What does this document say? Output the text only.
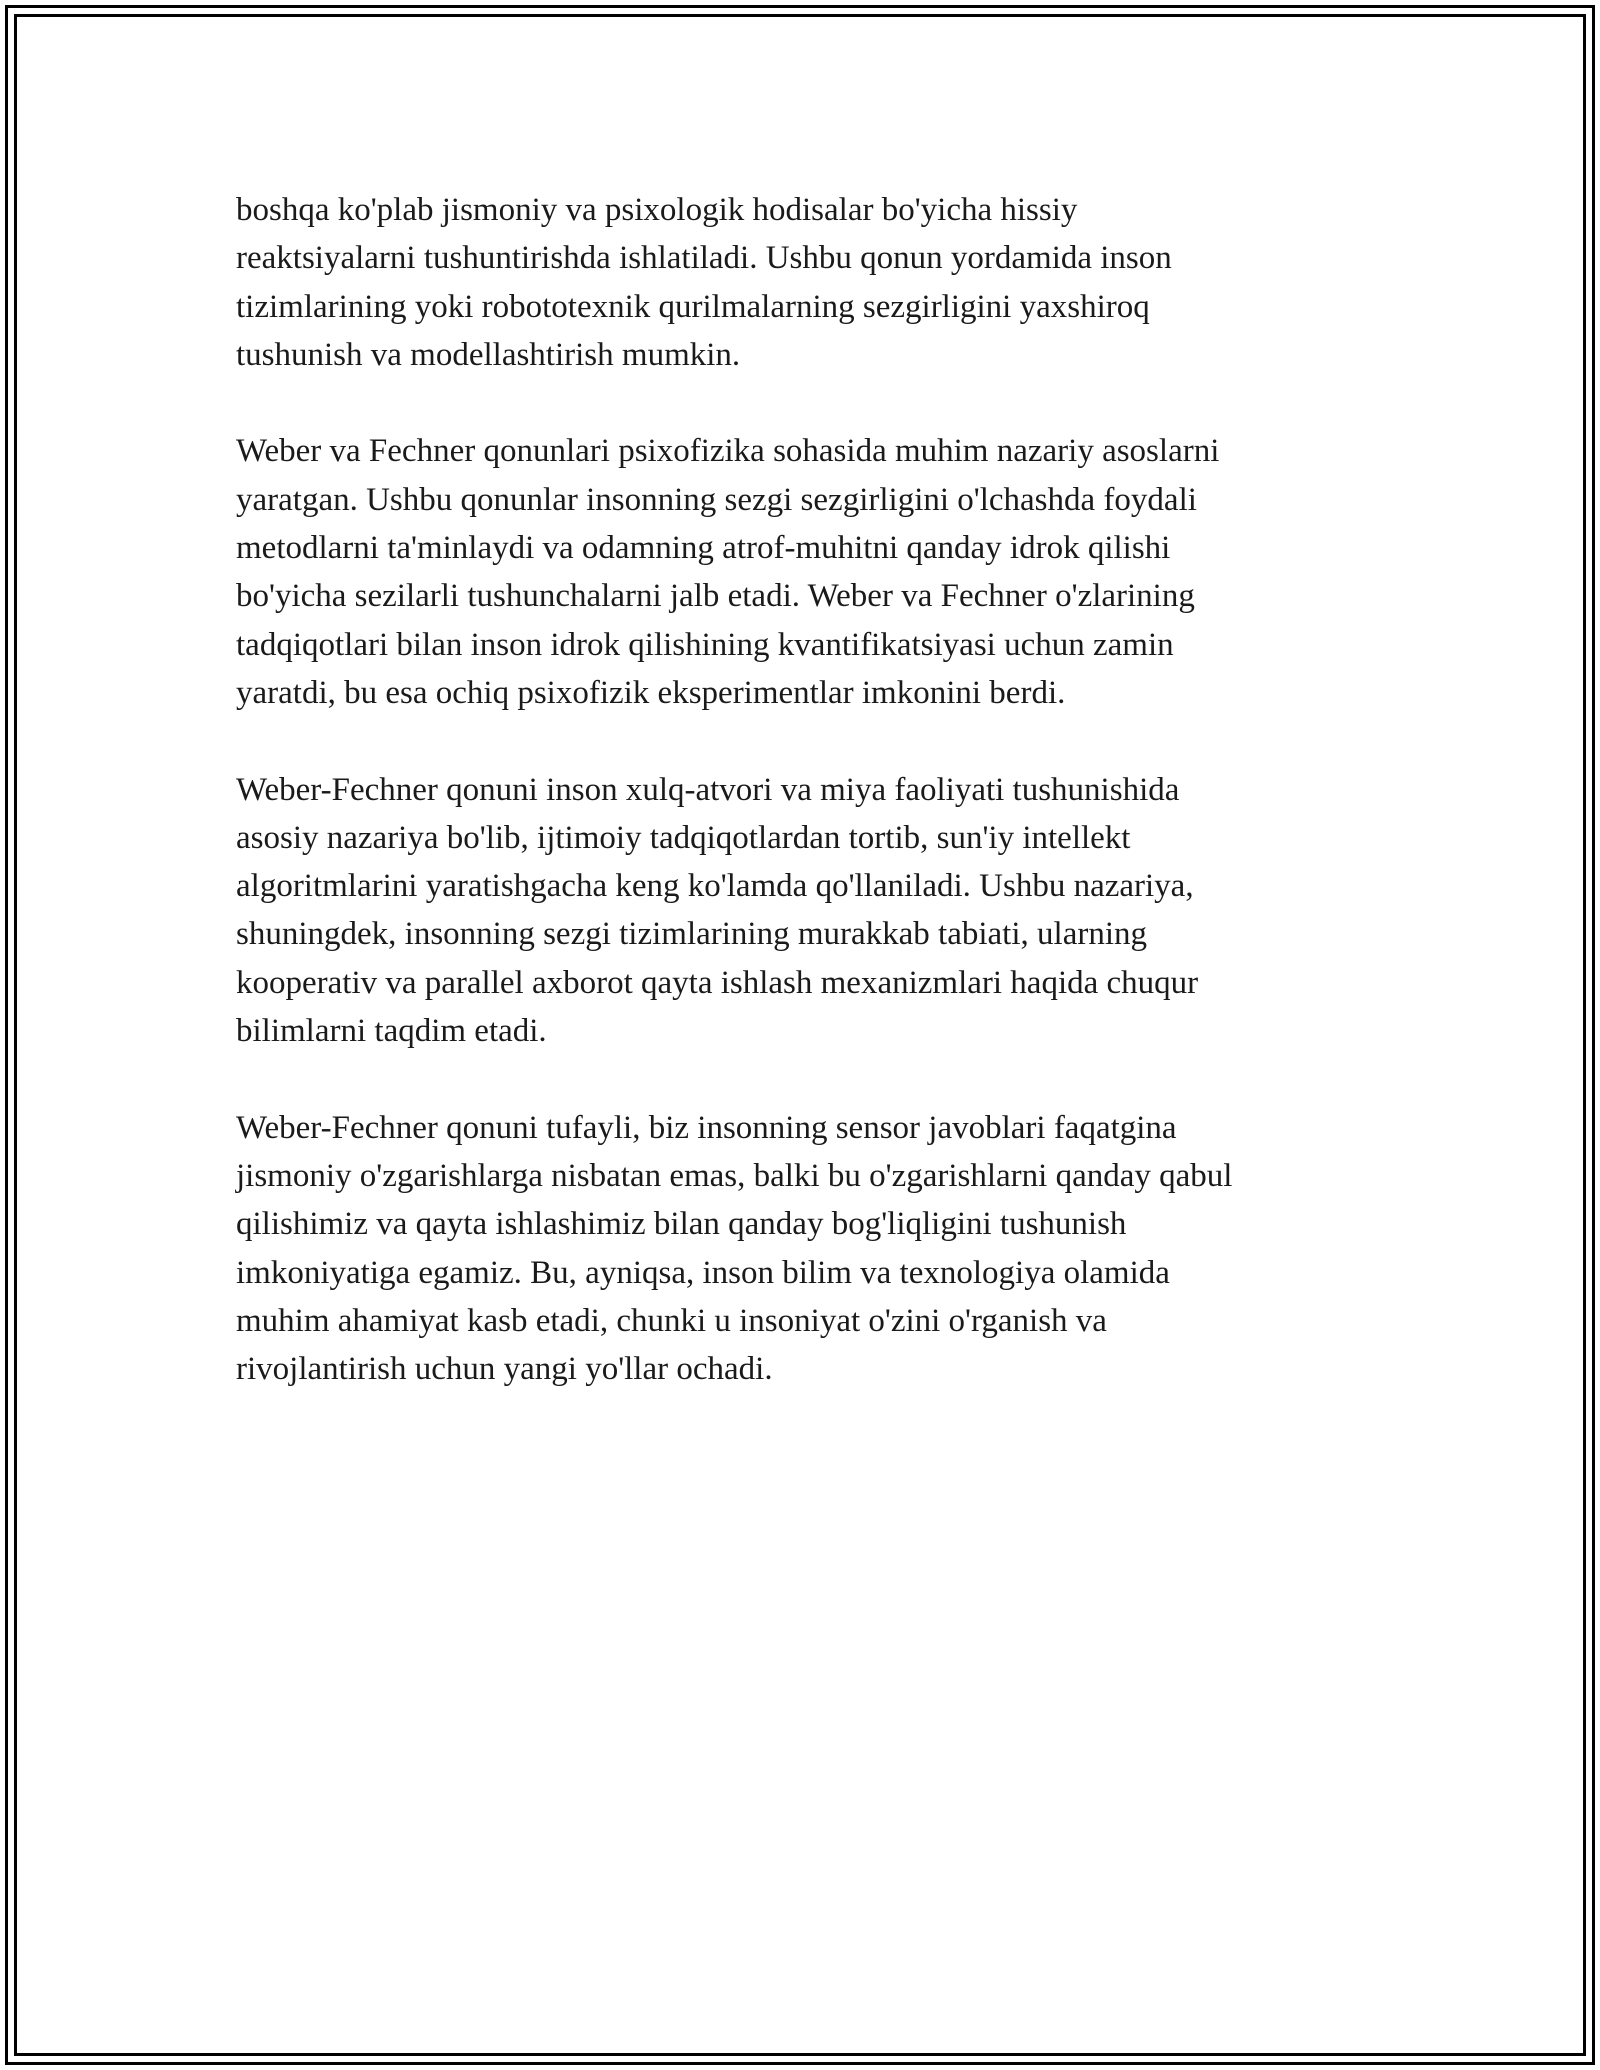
boshqa ko'plab jismoniy va psixologik hodisalar bo'yicha hissiy
reaktsiyalarni tushuntirishda ishlatiladi. Ushbu qonun yordamida inson
tizimlarining yoki robototexnik qurilmalarning sezgirligini yaxshiroq
tushunish va modellashtirish mumkin.

Weber va Fechner qonunlari psixofizika sohasida muhim nazariy asoslarni
yaratgan. Ushbu qonunlar insonning sezgi sezgirligini o'lchashda foydali
metodlarni ta'minlaydi va odamning atrof-muhitni qanday idrok qilishi
bo'yicha sezilarli tushunchalarni jalb etadi. Weber va Fechner o'zlarining
tadqiqotlari bilan inson idrok qilishining kvantifikatsiyasi uchun zamin
yaratdi, bu esa ochiq psixofizik eksperimentlar imkonini berdi.

Weber-Fechner qonuni inson xulq-atvori va miya faoliyati tushunishida
asosiy nazariya bo'lib, ijtimoiy tadqiqotlardan tortib, sun'iy intellekt
algoritmlarini yaratishgacha keng ko'lamda qo'llaniladi. Ushbu nazariya,
shuningdek, insonning sezgi tizimlarining murakkab tabiati, ularning
kooperativ va parallel axborot qayta ishlash mexanizmlari haqida chuqur
bilimlarni taqdim etadi.

Weber-Fechner qonuni tufayli, biz insonning sensor javoblari faqatgina
jismoniy o'zgarishlarga nisbatan emas, balki bu o'zgarishlarni qanday qabul
qilishimiz va qayta ishlashimiz bilan qanday bog'liqligini tushunish
imkoniyatiga egamiz. Bu, ayniqsa, inson bilim va texnologiya olamida
muhim ahamiyat kasb etadi, chunki u insoniyat o'zini o'rganish va
rivojlantirish uchun yangi yo'llar ochadi.
